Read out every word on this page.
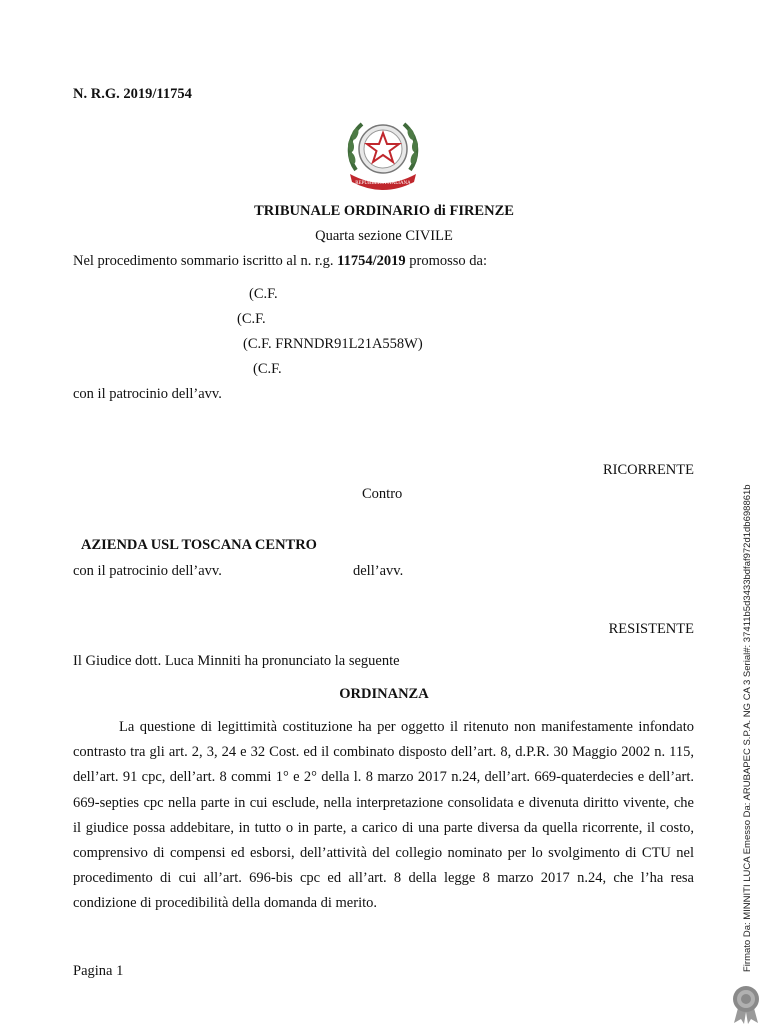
N. R.G. 2019/11754
REPUBBLICA ITALIANA
TRIBUNALE ORDINARIO di FIRENZE
Quarta sezione CIVILE
Nel procedimento sommario iscritto al n. r.g. 11754/2019 promosso da:
(C.F.
(C.F.
(C.F. FRNNDR91L21A558W)
(C.F.
con il patrocinio dell’avv.
RICORRENTE
Contro
AZIENDA USL TOSCANA CENTRO
con il patrocinio dell’avv.	dell’avv.
RESISTENTE
Il Giudice dott. Luca Minniti ha pronunciato la seguente
ORDINANZA

La questione di legittimità costituzione ha per oggetto il ritenuto non manifestamente infondato contrasto tra gli art. 2, 3, 24 e 32 Cost. ed il combinato disposto dell’art. 8, d.P.R. 30 Maggio 2002 n. 115, dell’art. 91 cpc, dell’art. 8 commi 1° e 2° della l. 8 marzo 2017 n.24, dell’art. 669-quaterdecies e dell’art. 669-septies cpc nella parte in cui esclude, nella interpretazione consolidata e divenuta diritto vivente, che il giudice possa addebitare, in tutto o in parte, a carico di una parte diversa da quella ricorrente, il costo, comprensivo di compensi ed esborsi, dell’attività del collegio nominato per lo svolgimento di CTU nel procedimento di cui all’art. 696-bis cpc ed all’art. 8 della legge 8 marzo 2017 n.24, che l’ha resa condizione di procedibilità della domanda di merito.

Pagina 1	Firmato Da: MINNITI LUCA Emesso Da: ARUBAPEC S.P.A. NG CA 3 Serial#: 37411b5d3433bdfaf972d1db698861b
